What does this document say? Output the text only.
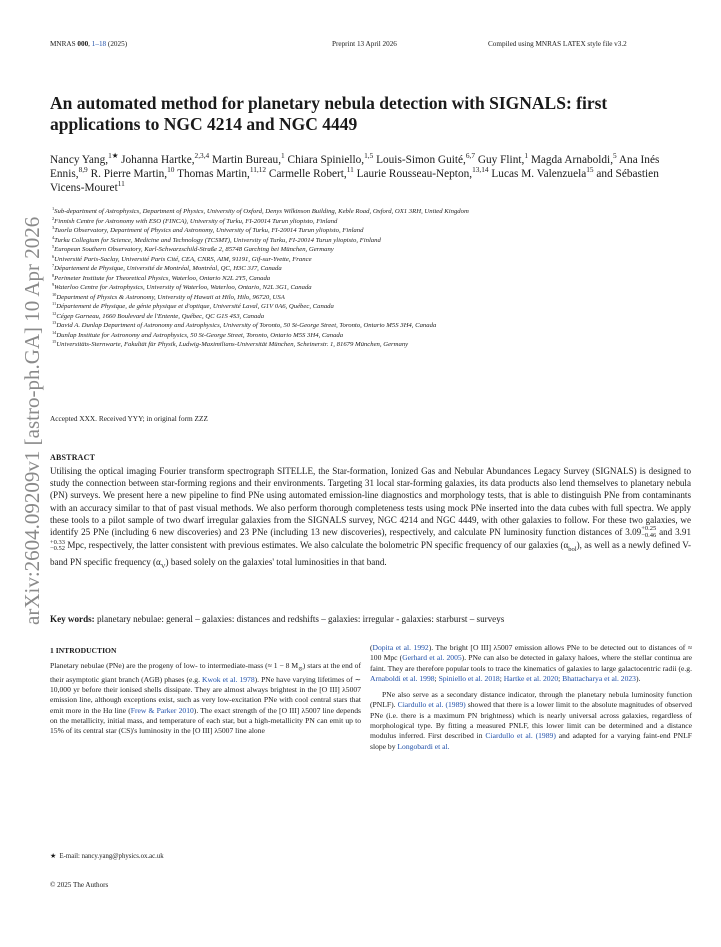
MNRAS 000, 1–18 (2025)	Preprint 13 April 2026	Compiled using MNRAS LATEX style file v3.2
arXiv:2604.09209v1 [astro-ph.GA] 10 Apr 2026
An automated method for planetary nebula detection with SIGNALS: first applications to NGC 4214 and NGC 4449
Nancy Yang,$^{1★}$ Johanna Hartke,$^{2,3,4}$ Martin Bureau,$^1$ Chiara Spiniello,$^{1,5}$ Louis-Simon Guité,$^{6,7}$ Guy Flint,$^1$ Magda Arnaboldi,$^5$ Ana Inés Ennis,$^{8,9}$ R. Pierre Martin,$^{10}$ Thomas Martin,$^{11,12}$ Carmelle Robert,$^{11}$ Laurie Rousseau-Nepton,$^{13,14}$ Lucas M. Valenzuela$^{15}$ and Sébastien Vicens-Mouret$^{11}$
$^1$Sub-department of Astrophysics, Department of Physics, University of Oxford, Denys Wilkinson Building, Keble Road, Oxford, OX1 3RH, United Kingdom
$^2$Finnish Centre for Astronomy with ESO (FINCA), University of Turku, FI-20014 Turun yliopisto, Finland
$^3$Tuorla Observatory, Department of Physics and Astronomy, University of Turku, FI-20014 Turun yliopisto, Finland
$^4$Turku Collegium for Science, Medicine and Technology (TCSMT), University of Turku, FI-20014 Turun yliopisto, Finland
$^5$European Southern Observatory, Karl-Schwarzschild-Straße 2, 85748 Garching bei München, Germany
$^6$Université Paris-Saclay, Université Paris Cité, CEA, CNRS, AIM, 91191, Gif-sur-Yvette, France
$^7$Département de Physique, Université de Montréal, Montréal, QC, H3C 3J7, Canada
$^8$Perimeter Institute for Theoretical Physics, Waterloo, Ontario N2L 2Y5, Canada
$^9$Waterloo Centre for Astrophysics, University of Waterloo, Waterloo, Ontario, N2L 3G1, Canada
$^{10}$Department of Physics & Astronomy, University of Hawaii at Hilo, Hilo, 96720, USA
$^{11}$Département de Physique, de génie physique et d'optique, Université Laval, G1V 0A6, Québec, Canada
$^{12}$Cégep Garneau, 1660 Boulevard de l'Entente, Québec, QC G1S 4S3, Canada
$^{13}$David A. Dunlap Department of Astronomy and Astrophysics, University of Toronto, 50 St-George Street, Toronto, Ontario M5S 3H4, Canada
$^{14}$Dunlap Institute for Astronomy and Astrophysics, 50 St-George Street, Toronto, Ontario M5S 3H4, Canada
$^{15}$Universitäts-Sternwarte, Fakultät für Physik, Ludwig-Maximilians-Universität München, Scheinerstr. 1, 81679 München, Germany
Accepted XXX. Received YYY; in original form ZZZ
ABSTRACT
Utilising the optical imaging Fourier transform spectrograph SITELLE, the Star-formation, Ionized Gas and Nebular Abundances Legacy Survey (SIGNALS) is designed to study the connection between star-forming regions and their environments. Targeting 31 local star-forming galaxies, its data products also lend themselves to planetary nebula (PN) surveys. We present here a new pipeline to find PNe using automated emission-line diagnostics and morphology tests, that is able to distinguish PNe from contaminants with an accuracy similar to that of past visual methods. We also perform thorough completeness tests using mock PNe inserted into the data cubes with full spectra. We apply these tools to a pilot sample of two dwarf irregular galaxies from the SIGNALS survey, NGC 4214 and NGC 4449, with other galaxies to follow. For these two galaxies, we identify 25 PNe (including 6 new discoveries) and 23 PNe (including 13 new discoveries), respectively, and calculate PN luminosity function distances of 3.09 +0.25
−0.46 and 3.91
+0.33
−0.52 Mpc, respectively, the latter consistent with previous estimates. We also calculate the bolometric PN specific frequency of our galaxies $(\alpha_{bol})$, as well as a newly defined V-band PN specific frequency $(\alpha_V)$ based solely on the galaxies' total luminosities in that band.
Key words: planetary nebulae: general – galaxies: distances and redshifts – galaxies: irregular - galaxies: starburst – surveys
1 INTRODUCTION

Planetary nebulae (PNe) are the progeny of low- to intermediate-mass (≈ 1 − 8 $M_⊙$) stars at the end of their asymptotic giant branch (AGB) phases (e.g. Kwok et al. 1978). PNe have varying lifetimes of ∼ 10,000 yr before their ionised shells dissipate. They are almost always brightest in the [O III] λ5007 emission line, although exceptions exist, such as very low-excitation PNe with cool central stars that emit more in the Hα line (Frew & Parker 2010). The exact strength of the [O III] λ5007 line depends on the metallicity, initial mass, and temperature of each star, but a high-metallicity PN can emit up to 15% of its central star (CS)'s luminosity in the [O III] λ5007 line alone

(Dopita et al. 1992). The bright [O III] λ5007 emission allows PNe to be detected out to distances of ≈ 100 Mpc (Gerhard et al. 2005). PNe can also be detected in galaxy haloes, where the stellar continua are faint. They are therefore popular tools to trace the kinematics of galaxies to large galactocentric radii (e.g. Arnaboldi et al. 1998; Spiniello et al. 2018; Hartke et al. 2020; Bhattacharya et al. 2023).

PNe also serve as a secondary distance indicator, through the planetary nebula luminosity function (PNLF). Ciardullo et al. (1989) showed that there is a lower limit to the absolute magnitudes of observed PNe (i.e. there is a maximum PN brightness) which is nearly universal across galaxies, regardless of morphological type. By fitting a measured PNLF, this lower limit can be determined and a distance modulus inferred. First described in Ciardullo et al. (1989) and adapted for a varying faint-end PNLF slope by Longobardi et al.

★ E-mail: nancy.yang@physics.ox.ac.uk
© 2025 The Authors
